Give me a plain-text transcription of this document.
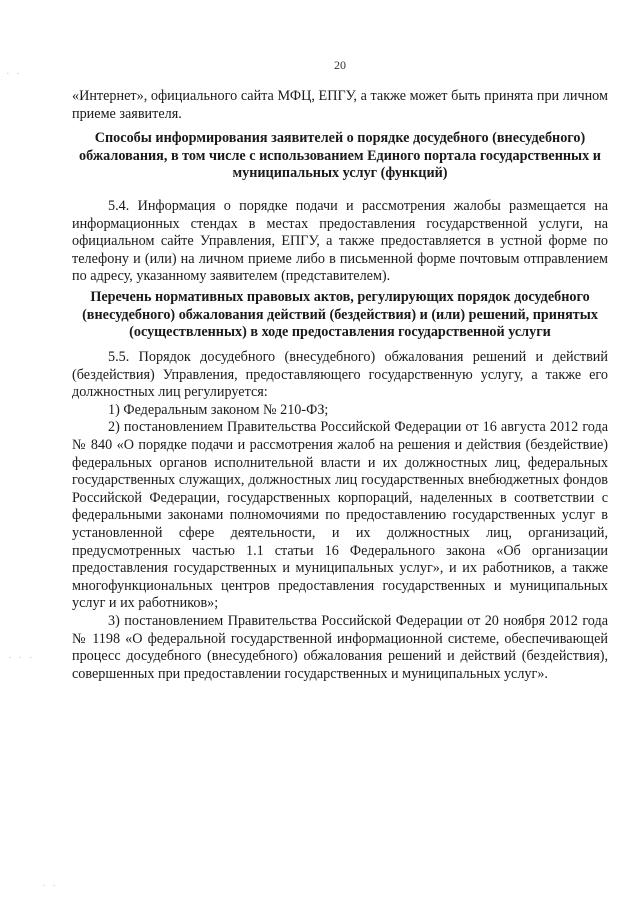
20
· ·
· · ·
· ·

«Интернет», официального сайта МФЦ, ЕПГУ, а также может быть принята при личном приеме заявителя.

Способы информирования заявителей о порядке досудебного (внесудебного) обжалования, в том числе с использованием Единого портала государственных и муниципальных услуг (функций)

5.4. Информация о порядке подачи и рассмотрения жалобы размещается на информационных стендах в местах предоставления государственной услуги, на официальном сайте Управления, ЕПГУ, а также предоставляется в устной форме по телефону и (или) на личном приеме либо в письменной форме почтовым отправлением по адресу, указанному заявителем (представителем).

Перечень нормативных правовых актов, регулирующих порядок досудебного (внесудебного) обжалования действий (бездействия) и (или) решений, принятых (осуществленных) в ходе предоставления государственной услуги

5.5. Порядок досудебного (внесудебного) обжалования решений и действий (бездействия) Управления, предоставляющего государственную услугу, а также его должностных лиц регулируется:

1) Федеральным законом № 210-ФЗ;

2) постановлением Правительства Российской Федерации от 16 августа 2012 года № 840 «О порядке подачи и рассмотрения жалоб на решения и действия (бездействие) федеральных органов исполнительной власти и их должностных лиц, федеральных государственных служащих, должностных лиц государственных внебюджетных фондов Российской Федерации, государственных корпораций, наделенных в соответствии с федеральными законами полномочиями по предоставлению государственных услуг в установленной сфере деятельности, и их должностных лиц, организаций, предусмотренных частью 1.1 статьи 16 Федерального закона «Об организации предоставления государственных и муниципальных услуг», и их работников, а также многофункциональных центров предоставления государственных и муниципальных услуг и их работников»;

3) постановлением Правительства Российской Федерации от 20 ноября 2012 года № 1198 «О федеральной государственной информационной системе, обеспечивающей процесс досудебного (внесудебного) обжалования решений и действий (бездействия), совершенных при предоставлении государственных и муниципальных услуг».
